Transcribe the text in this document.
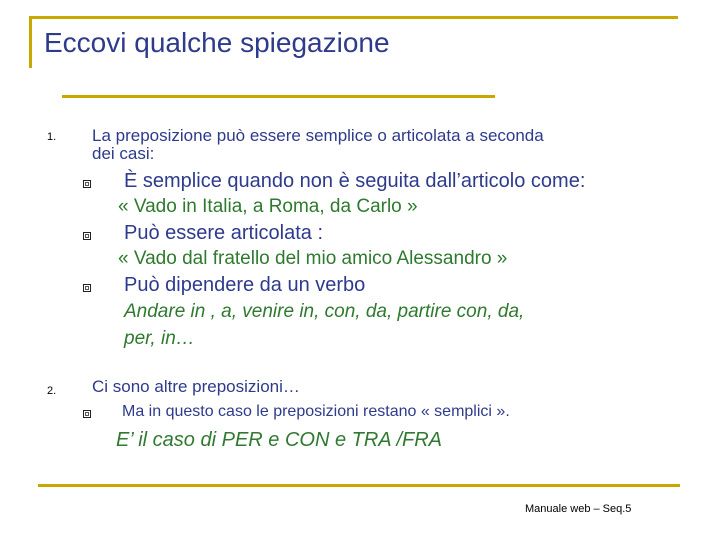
Eccovi qualche spiegazione
1. La preposizione può essere semplice o articolata a seconda
dei casi:
È semplice quando non è seguita dall’articolo come:
« Vado in Italia, a Roma, da Carlo »
Può essere articolata :
« Vado dal fratello del mio amico Alessandro »
Può dipendere da un verbo
Andare in , a, venire in, con, da, partire con, da,
per, in…
2. Ci sono altre preposizioni…
Ma in questo caso le preposizioni restano « semplici ».
E’ il caso di PER e CON e TRA /FRA
Manuale web – Seq.5
